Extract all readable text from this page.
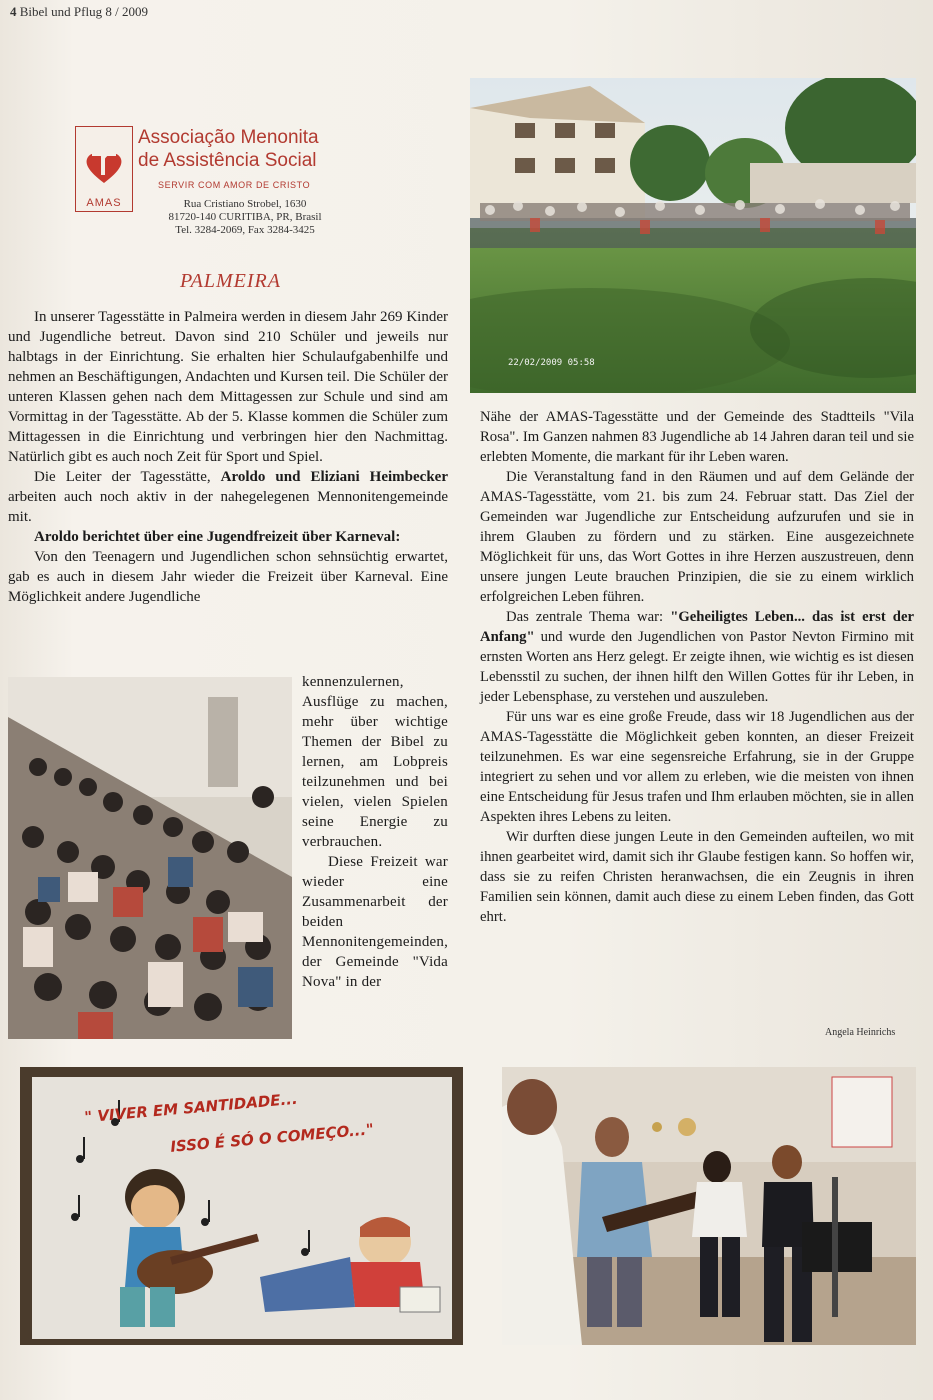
4 Bibel und Pflug 8 / 2009
AMAS
Associação Menonita
de Assistência Social
SERVIR COM AMOR DE CRISTO
Rua Cristiano Strobel, 1630
81720-140 CURITIBA, PR, Brasil
Tel. 3284-2069, Fax 3284-3425
PALMEIRA

In unserer Tagesstätte in Palmeira werden in diesem Jahr 269 Kinder und Jugendliche betreut. Davon sind 210 Schüler und jeweils nur halbtags in der Einrichtung. Sie erhalten hier Schulaufgabenhilfe und nehmen an Beschäftigungen, Andachten und Kursen teil. Die Schüler der unteren Klassen gehen nach dem Mittagessen zur Schule und sind am Vormittag in der Tagesstätte. Ab der 5. Klasse kommen die Schüler zum Mittagessen in die Einrichtung und verbringen hier den Nachmittag. Natürlich gibt es auch noch Zeit für Sport und Spiel.

Die Leiter der Tagesstätte, Aroldo und Eliziani Heimbecker arbeiten auch noch aktiv in der nahegelegenen Mennonitengemeinde mit.

Aroldo berichtet über eine Jugendfreizeit über Karneval:

Von den Teenagern und Jugendlichen schon sehnsüchtig erwartet, gab es auch in diesem Jahr wieder die Freizeit über Karneval. Eine Möglichkeit andere Jugendliche

kennenzulernen, Ausflüge zu machen, mehr über wichtige Themen der Bibel zu lernen, am Lobpreis teilzunehmen und bei vielen, vielen Spielen seine Energie zu verbrauchen.

Diese Freizeit war wieder eine Zusammenarbeit der beiden Mennonitengemeinden, der Gemeinde "Vida Nova" in der

Nähe der AMAS-Tagesstätte und der Gemeinde des Stadtteils "Vila Rosa". Im Ganzen nahmen 83 Jugendliche ab 14 Jahren daran teil und sie erlebten Momente, die markant für ihr Leben waren.

Die Veranstaltung fand in den Räumen und auf dem Gelände der AMAS-Tagesstätte, vom 21. bis zum 24. Februar statt. Das Ziel der Gemeinden war Jugendliche zur Entscheidung aufzurufen und sie in ihrem Glauben zu fördern und zu stärken. Eine ausgezeichnete Möglichkeit für uns, das Wort Gottes in ihre Herzen auszustreuen, denn unsere jungen Leute brauchen Prinzipien, die sie zu einem wirklich erfolgreichen Leben führen.

Das zentrale Thema war: "Geheiligtes Leben... das ist erst der Anfang" und wurde den Jugendlichen von Pastor Nevton Firmino mit ernsten Worten ans Herz gelegt. Er zeigte ihnen, wie wichtig es ist diesen Lebensstil zu suchen, der ihnen hilft den Willen Gottes für ihr Leben, in jeder Lebensphase, zu verstehen und auszuleben.

Für uns war es eine große Freude, dass wir 18 Jugendlichen aus der AMAS-Tagesstätte die Möglichkeit geben konnten, an dieser Freizeit teilzunehmen. Es war eine segensreiche Erfahrung, sie in der Gruppe integriert zu sehen und vor allem zu erleben, wie die meisten von ihnen eine Entscheidung für Jesus trafen und Ihm erlauben möchten, sie in allen Aspekten ihres Lebens zu leiten.

Wir durften diese jungen Leute in den Gemeinden aufteilen, wo mit ihnen gearbeitet wird, damit sich ihr Glaube festigen kann. So hoffen wir, dass sie zu reifen Christen heranwachsen, die ein Zeugnis in ihren Familien sein können, damit auch diese zu einem Leben finden, das Gott ehrt.

Angela Heinrichs
22/02/2009 05:58
" VIVER EM SANTIDADE...
ISSO É SÓ O COMEÇO..."
